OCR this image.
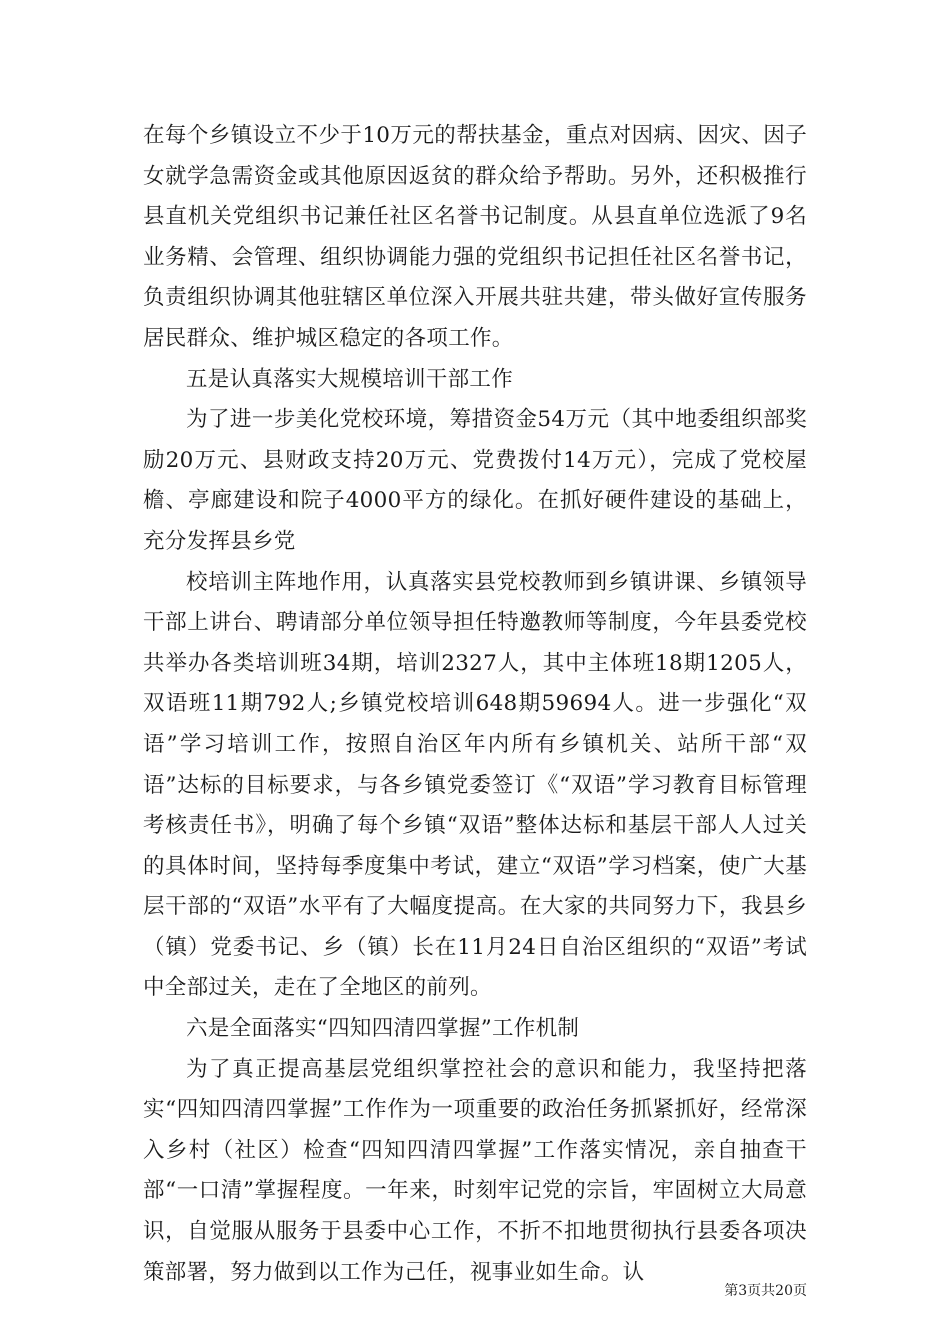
在每个乡镇设立不少于10万元的帮扶基金，重点对因病、因灾、因子女就学急需资金或其他原因返贫的群众给予帮助。另外，还积极推行县直机关党组织书记兼任社区名誉书记制度。从县直单位选派了9名业务精、会管理、组织协调能力强的党组织书记担任社区名誉书记，负责组织协调其他驻辖区单位深入开展共驻共建，带头做好宣传服务居民群众、维护城区稳定的各项工作。

五是认真落实大规模培训干部工作

为了进一步美化党校环境，筹措资金54万元（其中地委组织部奖励20万元、县财政支持20万元、党费拨付14万元），完成了党校屋檐、亭廊建设和院子4000平方的绿化。在抓好硬件建设的基础上，充分发挥县乡党

校培训主阵地作用，认真落实县党校教师到乡镇讲课、乡镇领导干部上讲台、聘请部分单位领导担任特邀教师等制度，今年县委党校共举办各类培训班34期，培训2327人，其中主体班18期1205人，双语班11期792人;乡镇党校培训648期59694人。进一步强化“双语”学习培训工作，按照自治区年内所有乡镇机关、站所干部“双语”达标的目标要求，与各乡镇党委签订《“双语”学习教育目标管理考核责任书》，明确了每个乡镇“双语”整体达标和基层干部人人过关的具体时间，坚持每季度集中考试，建立“双语”学习档案，使广大基层干部的“双语”水平有了大幅度提高。在大家的共同努力下，我县乡（镇）党委书记、乡（镇）长在11月24日自治区组织的“双语”考试中全部过关，走在了全地区的前列。

六是全面落实“四知四清四掌握”工作机制

为了真正提高基层党组织掌控社会的意识和能力，我坚持把落实“四知四清四掌握”工作作为一项重要的政治任务抓紧抓好，经常深入乡村（社区）检查“四知四清四掌握”工作落实情况，亲自抽查干部“一口清”掌握程度。一年来，时刻牢记党的宗旨，牢固树立大局意识，自觉服从服务于县委中心工作，不折不扣地贯彻执行县委各项决策部署，努力做到以工作为己任，视事业如生命。认

第3页共20页
